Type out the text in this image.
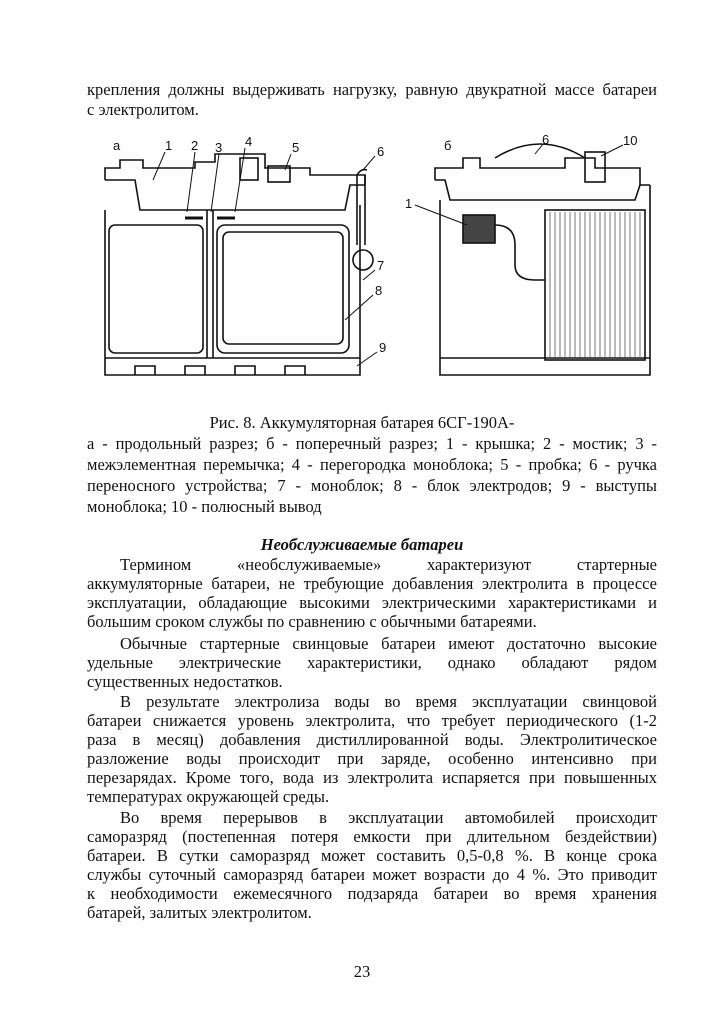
крепления должны выдерживать нагрузку, равную двукратной массе батареи
с электролитом.
а	б
1 2 3 4	5	6
7
8
9
1
6	10
Рис. 8. Аккумуляторная батарея 6СГ-190А-
а - продольный разрез; б - поперечный разрез; 1 - крышка; 2 - мостик; 3 -
межэлементная перемычка; 4 - перегородка моноблока; 5 - пробка; 6 - ручка
переносного устройства; 7 - моноблок; 8 - блок электродов; 9 - выступы
моноблока; 10 - полюсный вывод
Необслуживаемые батареи
Термином «необслуживаемые» характеризуют стартерные
аккумуляторные батареи, не требующие добавления электролита в процессе
эксплуатации, обладающие высокими электрическими характеристиками и
большим сроком службы по сравнению с обычными батареями.
Обычные стартерные свинцовые батареи имеют достаточно высокие
удельные электрические характеристики, однако обладают рядом
существенных недостатков.
В результате электролиза воды во время эксплуатации свинцовой
батареи снижается уровень электролита, что требует периодического (1-2
раза в месяц) добавления дистиллированной воды. Электролитическое
разложение воды происходит при заряде, особенно интенсивно при
перезарядах. Кроме того, вода из электролита испаряется при повышенных
температурах окружающей среды.
Во время перерывов в эксплуатации автомобилей происходит
саморазряд (постепенная потеря емкости при длительном бездействии)
батареи. В сутки саморазряд может составить 0,5-0,8 %. В конце срока
службы суточный саморазряд батареи может возрасти до 4 %. Это приводит
к необходимости ежемесячного подзаряда батареи во время хранения
батарей, залитых электролитом.
23
